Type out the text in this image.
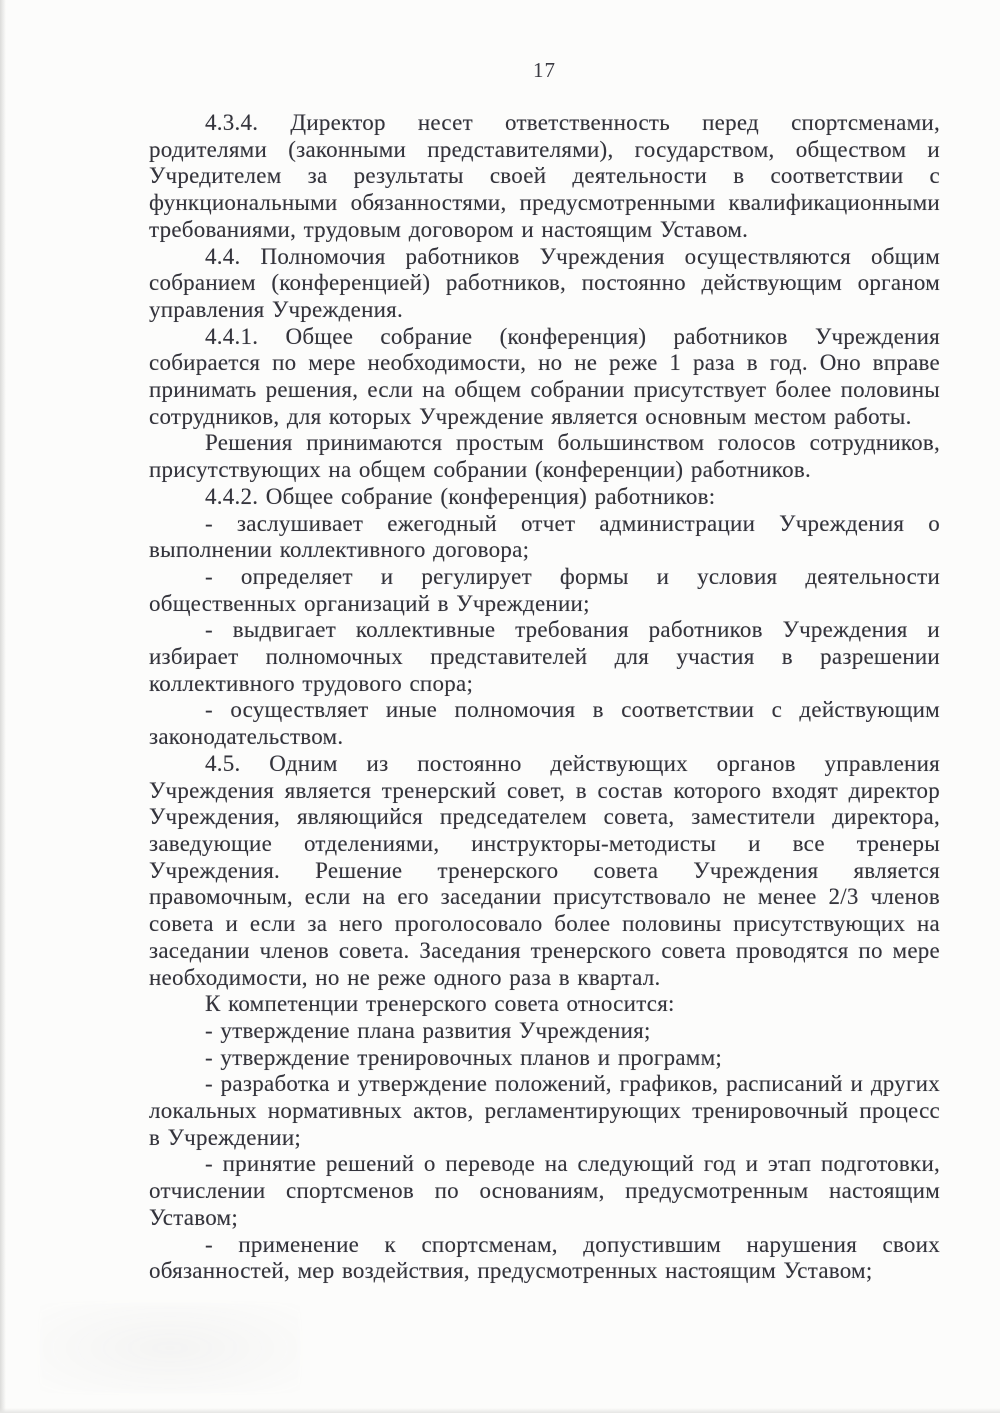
17

4.3.4. Директор несет ответственность перед спортсменами, родителями (законными представителями), государством, обществом и Учредителем за результаты своей деятельности в соответствии с функциональными обязанностями, предусмотренными квалификационными требованиями, трудовым договором и настоящим Уставом.

4.4. Полномочия работников Учреждения осуществляются общим собранием (конференцией) работников, постоянно действующим органом управления Учреждения.

4.4.1. Общее собрание (конференция) работников Учреждения собирается по мере необходимости, но не реже 1 раза в год. Оно вправе принимать решения, если на общем собрании присутствует более половины сотрудников, для которых Учреждение является основным местом работы.

Решения принимаются простым большинством голосов сотрудников, присутствующих на общем собрании (конференции) работников.

4.4.2. Общее собрание (конференция) работников:

- заслушивает ежегодный отчет администрации Учреждения о выполнении коллективного договора;

- определяет и регулирует формы и условия деятельности общественных организаций в Учреждении;

- выдвигает коллективные требования работников Учреждения и избирает полномочных представителей для участия в разрешении коллективного трудового спора;

- осуществляет иные полномочия в соответствии с действующим законодательством.

4.5. Одним из постоянно действующих органов управления Учреждения является тренерский совет, в состав которого входят директор Учреждения, являющийся председателем совета, заместители директора, заведующие отделениями, инструкторы-методисты и все тренеры Учреждения. Решение тренерского совета Учреждения является правомочным, если на его заседании присутствовало не менее 2/3 членов совета и если за него проголосовало более половины присутствующих на заседании членов совета. Заседания тренерского совета проводятся по мере необходимости, но не реже одного раза в квартал.

К компетенции тренерского совета относится:

- утверждение плана развития Учреждения;

- утверждение тренировочных планов и программ;

- разработка и утверждение положений, графиков, расписаний и других локальных нормативных актов, регламентирующих тренировочный процесс в Учреждении;

- принятие решений о переводе на следующий год и этап подготовки, отчислении спортсменов по основаниям, предусмотренным настоящим Уставом;

- применение к спортсменам, допустившим нарушения своих обязанностей, мер воздействия, предусмотренных настоящим Уставом;
